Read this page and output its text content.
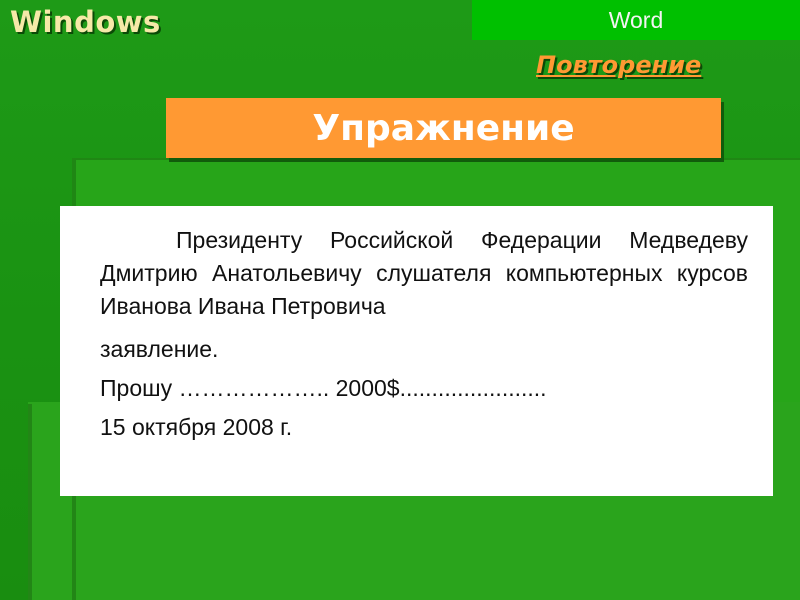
Windows	Word
Повторение
Упражнение

Президенту Российской Федерации Медведеву Дмитрию Анатольевичу слушателя компьютерных курсов Иванова Ивана Петровича

заявление.

Прошу ……………….. 2000$.......................

15 октября 2008 г.
